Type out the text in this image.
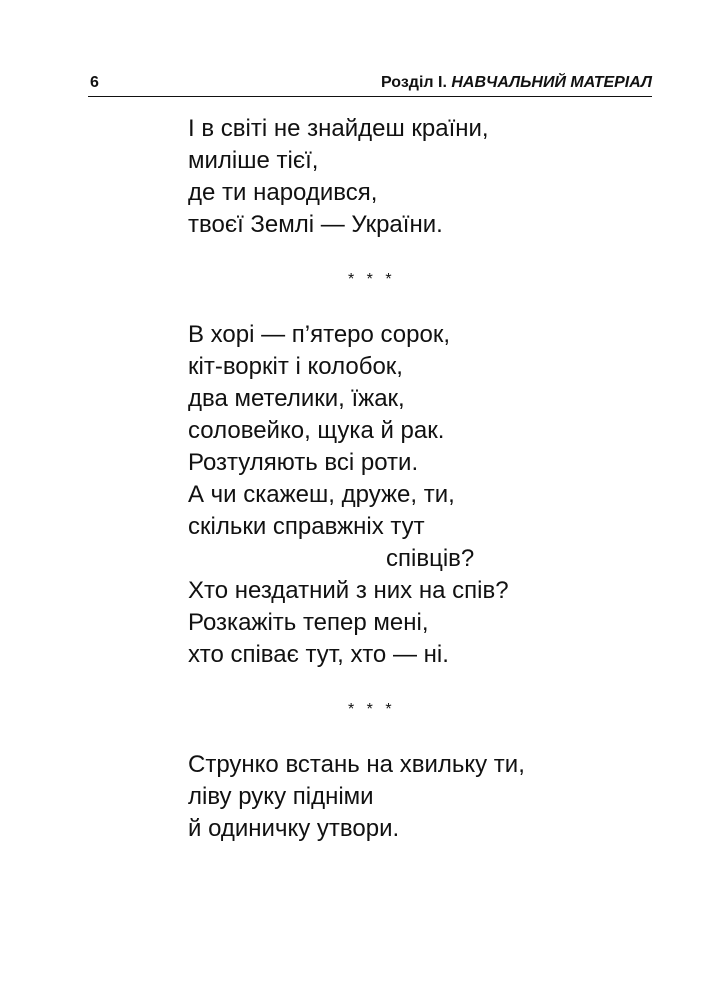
6	Розділ І. НАВЧАЛЬНИЙ МАТЕРІАЛ
І в світі не знайдеш країни,
миліше тієї,
де ти народився,
твоєї Землі — України.
* * *
В хорі — п’ятеро сорок,
кіт-воркіт і колобок,
два метелики, їжак,
соловейко, щука й рак.
Розтуляють всі роти.
А чи скажеш, друже, ти,
скільки справжніх тут
співців?
Хто нездатний з них на спів?
Розкажіть тепер мені,
хто співає тут, хто — ні.
* * *
Струнко встань на хвильку ти,
ліву руку підніми
й одиничку утвори.
